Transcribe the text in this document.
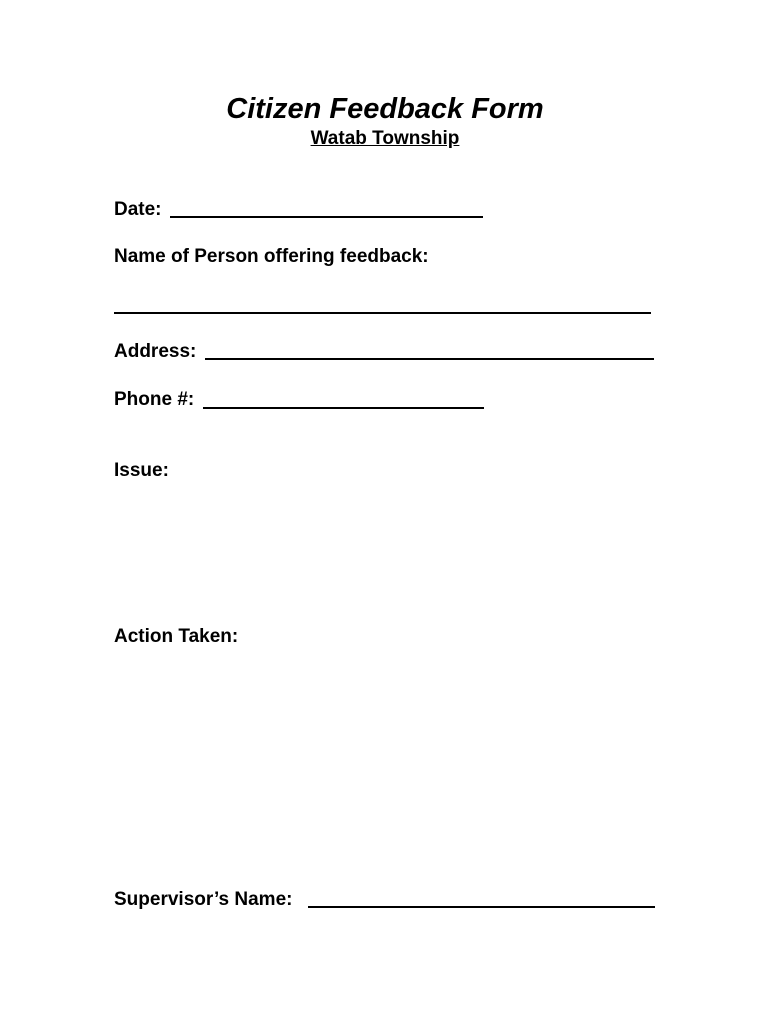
Citizen Feedback Form
Watab Township
Date:
Name of Person offering feedback:
Address:
Phone #:
Issue:
Action Taken:
Supervisor’s Name:
